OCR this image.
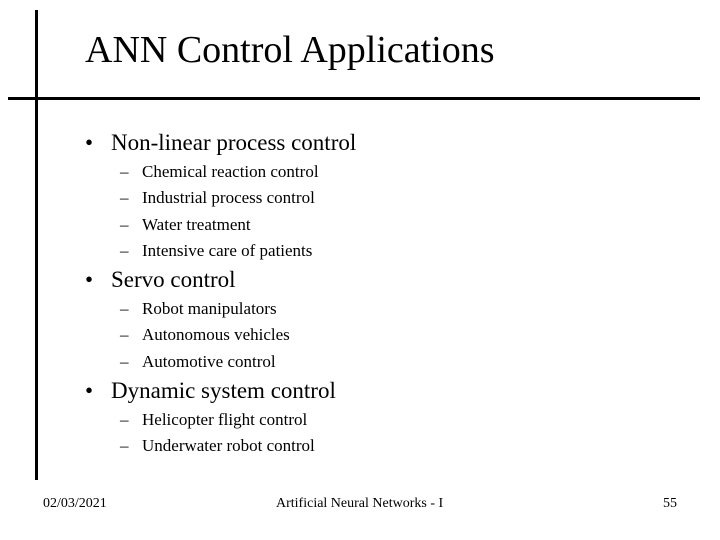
ANN Control Applications
• Non-linear process control
– Chemical reaction control
– Industrial process control
– Water treatment
– Intensive care of patients
• Servo control
– Robot manipulators
– Autonomous vehicles
– Automotive control
• Dynamic system control
– Helicopter flight control
– Underwater robot control
02/03/2021	Artificial Neural Networks - I	55
